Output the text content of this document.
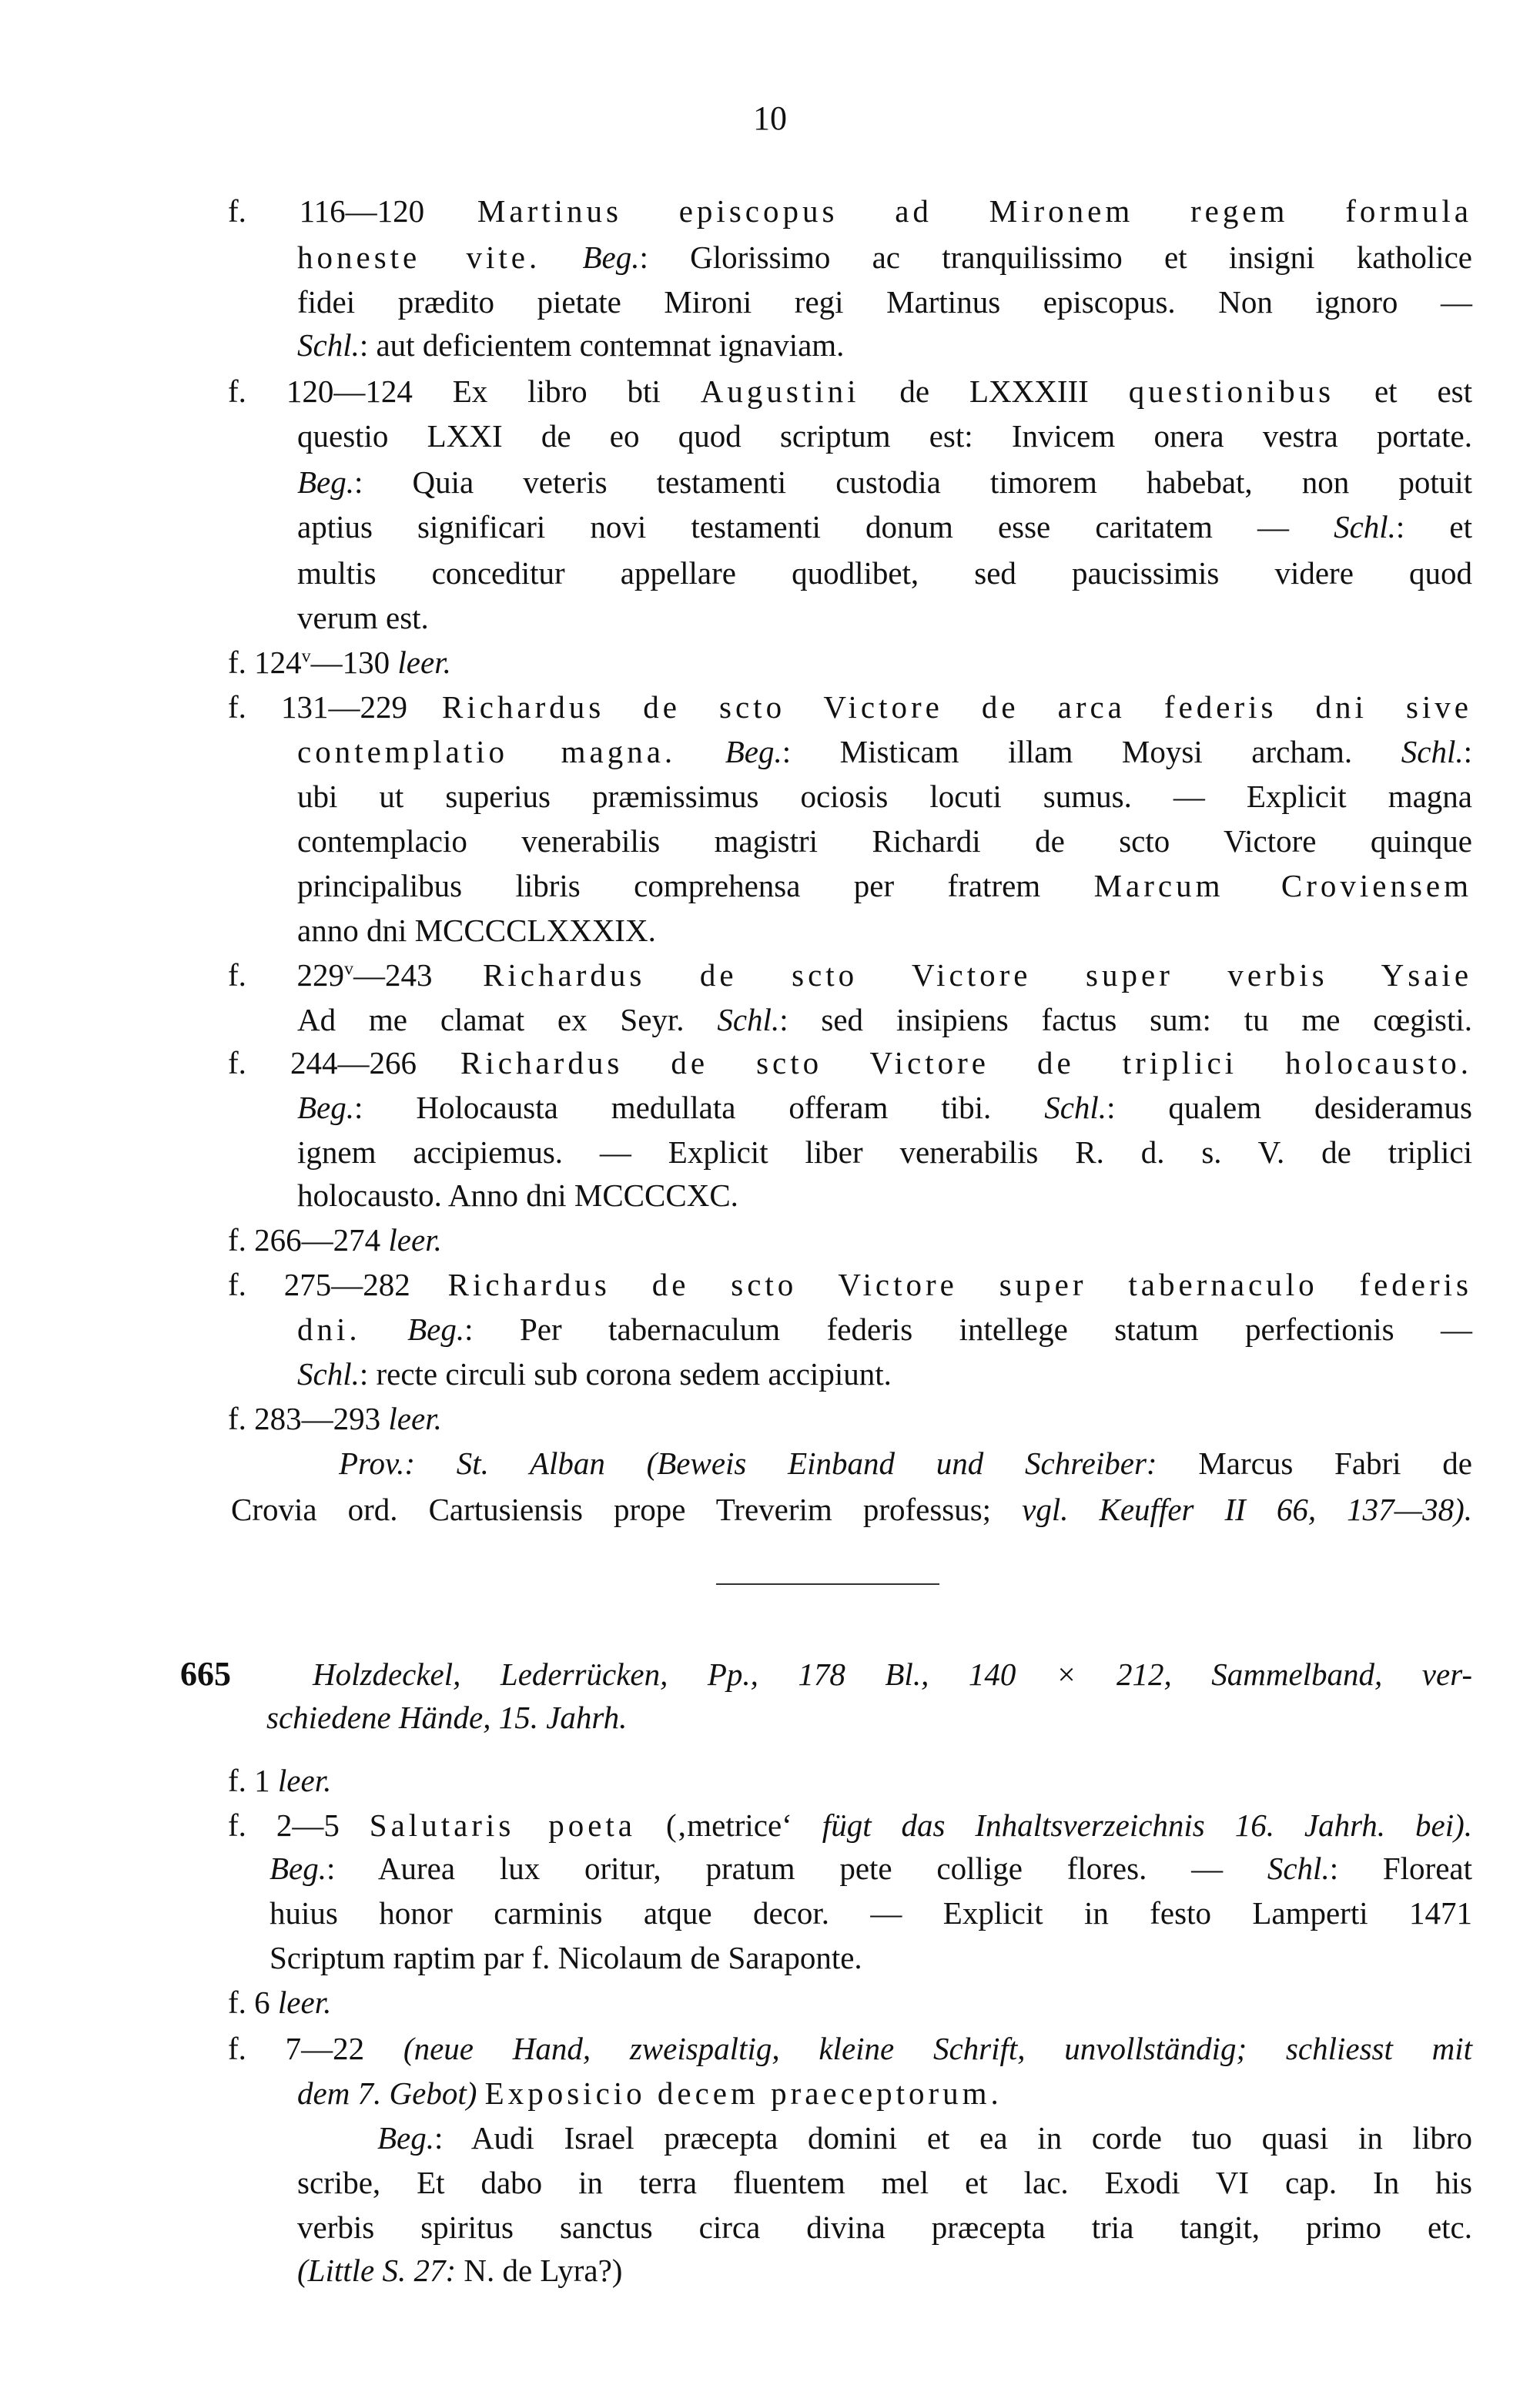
10
f. 116—120 Martinus episcopus ad Mironem regem formula
honeste vite. Beg.: Glorissimo ac tranquilissimo et insigni katholice
fidei prædito pietate Mironi regi Martinus episcopus. Non ignoro —
Schl.: aut deficientem contemnat ignaviam.
f. 120—124 Ex libro bti Augustini de LXXXIII questionibus et est
questio LXXI de eo quod scriptum est: Invicem onera vestra portate.
Beg.: Quia veteris testamenti custodia timorem habebat, non potuit
aptius significari novi testamenti donum esse caritatem — Schl.: et
multis conceditur appellare quodlibet, sed paucissimis videre quod
verum est.
f. 124$^v$—130 leer.
f. 131—229 Richardus de scto Victore de arca federis dni sive
contemplatio magna. Beg.: Misticam illam Moysi archam. Schl.:
ubi ut superius præmissimus ociosis locuti sumus. — Explicit magna
contemplacio venerabilis magistri Richardi de scto Victore quinque
principalibus libris comprehensa per fratrem Marcum Croviensem
anno dni MCCCCLXXXIX.
f. 229$^v$—243 Richardus de scto Victore super verbis Ysaie
Ad me clamat ex Seyr. Schl.: sed insipiens factus sum: tu me cœgisti.
f. 244—266 Richardus de scto Victore de triplici holocausto.
Beg.: Holocausta medullata offeram tibi. Schl.: qualem desideramus
ignem accipiemus. — Explicit liber venerabilis R. d. s. V. de triplici
holocausto. Anno dni MCCCCXC.
f. 266—274 leer.
f. 275—282 Richardus de scto Victore super tabernaculo federis
dni. Beg.: Per tabernaculum federis intellege statum perfectionis —
Schl.: recte circuli sub corona sedem accipiunt.
f. 283—293 leer.
Prov.: St. Alban (Beweis Einband und Schreiber: Marcus Fabri de
Crovia ord. Cartusiensis prope Treverim professus; vgl. Keuffer II 66, 137—38).
665	Holzdeckel, Lederrücken, Pp., 178 Bl., 140 × 212, Sammelband, ver-
schiedene Hände, 15. Jahrh.
f. 1 leer.
f. 2—5 Salutaris poeta (‚metrice‘ fügt das Inhaltsverzeichnis 16. Jahrh. bei).
Beg.: Aurea lux oritur, pratum pete collige flores. — Schl.: Floreat
huius honor carminis atque decor. — Explicit in festo Lamperti 1471
Scriptum raptim par f. Nicolaum de Saraponte.
f. 6 leer.
f. 7—22 (neue Hand, zweispaltig, kleine Schrift, unvollständig; schliesst mit
dem 7. Gebot) Exposicio decem praeceptorum.
Beg.: Audi Israel præcepta domini et ea in corde tuo quasi in libro
scribe, Et dabo in terra fluentem mel et lac. Exodi VI cap. In his
verbis spiritus sanctus circa divina præcepta tria tangit, primo etc.
(Little S. 27: N. de Lyra?)
